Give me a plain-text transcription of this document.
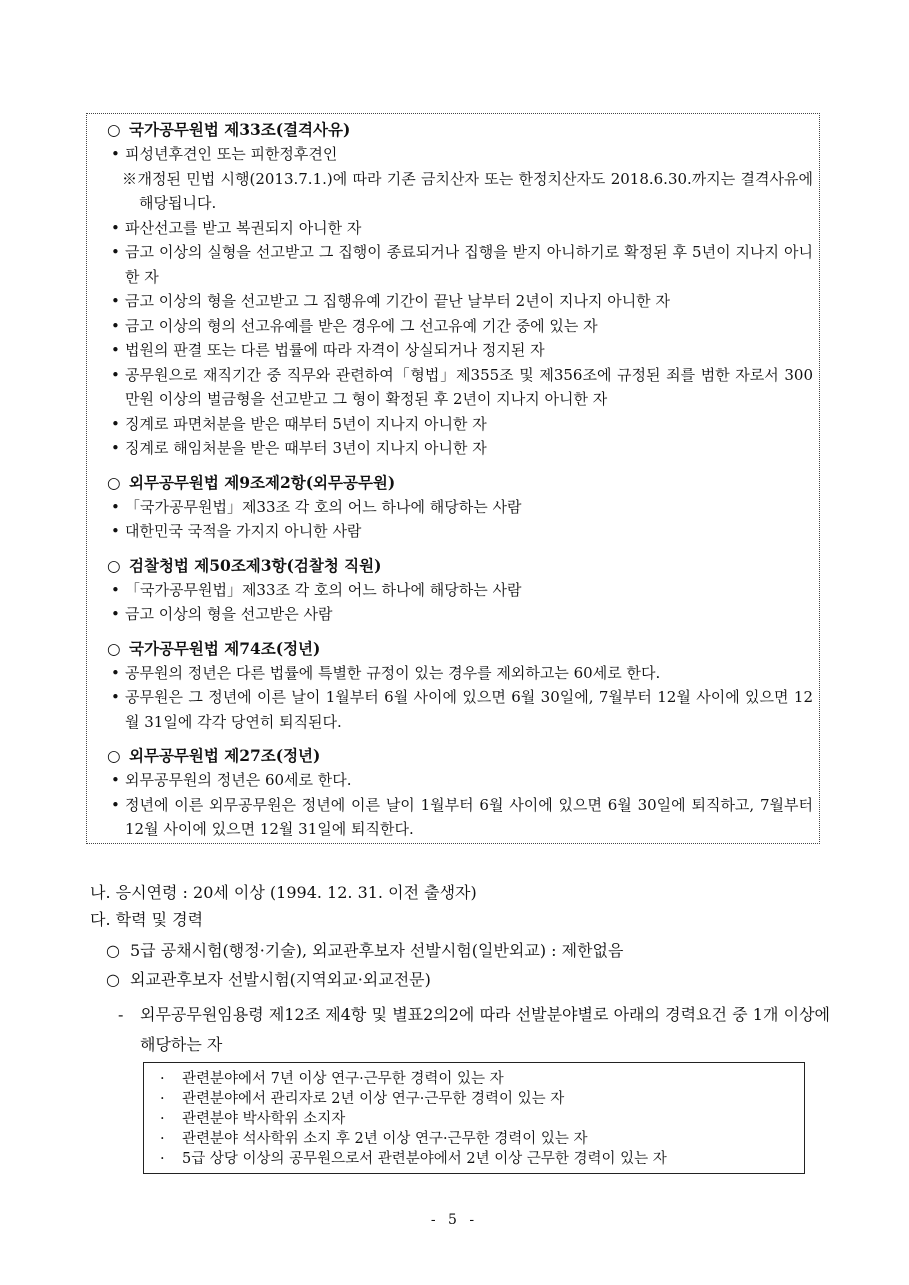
○ 국가공무원법 제33조(결격사유)
• 피성년후견인 또는 피한정후견인
※개정된 민법 시행(2013.7.1.)에 따라 기존 금치산자 또는 한정치산자도 2018.6.30.까지는 결격사유에 해당됩니다.
• 파산선고를 받고 복권되지 아니한 자
• 금고 이상의 실형을 선고받고 그 집행이 종료되거나 집행을 받지 아니하기로 확정된 후 5년이 지나지 아니한 자
• 금고 이상의 형을 선고받고 그 집행유예 기간이 끝난 날부터 2년이 지나지 아니한 자
• 금고 이상의 형의 선고유예를 받은 경우에 그 선고유예 기간 중에 있는 자
• 법원의 판결 또는 다른 법률에 따라 자격이 상실되거나 정지된 자
• 공무원으로 재직기간 중 직무와 관련하여「형법」제355조 및 제356조에 규정된 죄를 범한 자로서 300만원 이상의 벌금형을 선고받고 그 형이 확정된 후 2년이 지나지 아니한 자
• 징계로 파면처분을 받은 때부터 5년이 지나지 아니한 자
• 징계로 해임처분을 받은 때부터 3년이 지나지 아니한 자
○ 외무공무원법 제9조제2항(외무공무원)
• 「국가공무원법」제33조 각 호의 어느 하나에 해당하는 사람
• 대한민국 국적을 가지지 아니한 사람
○ 검찰청법 제50조제3항(검찰청 직원)
• 「국가공무원법」제33조 각 호의 어느 하나에 해당하는 사람
• 금고 이상의 형을 선고받은 사람
○ 국가공무원법 제74조(정년)
• 공무원의 정년은 다른 법률에 특별한 규정이 있는 경우를 제외하고는 60세로 한다.
• 공무원은 그 정년에 이른 날이 1월부터 6월 사이에 있으면 6월 30일에, 7월부터 12월 사이에 있으면 12월 31일에 각각 당연히 퇴직된다.
○ 외무공무원법 제27조(정년)
• 외무공무원의 정년은 60세로 한다.
• 정년에 이른 외무공무원은 정년에 이른 날이 1월부터 6월 사이에 있으면 6월 30일에 퇴직하고, 7월부터 12월 사이에 있으면 12월 31일에 퇴직한다.
나. 응시연령 : 20세 이상 (1994. 12. 31. 이전 출생자)
다. 학력 및 경력
○ 5급 공채시험(행정·기술), 외교관후보자 선발시험(일반외교) : 제한없음
○ 외교관후보자 선발시험(지역외교·외교전문)
-	외무공무원임용령 제12조 제4항 및 별표2의2에 따라 선발분야별로 아래의 경력요건 중 1개 이상에 해당하는 자
· 관련분야에서 7년 이상 연구·근무한 경력이 있는 자
· 관련분야에서 관리자로 2년 이상 연구·근무한 경력이 있는 자
· 관련분야 박사학위 소지자
· 관련분야 석사학위 소지 후 2년 이상 연구·근무한 경력이 있는 자
· 5급 상당 이상의 공무원으로서 관련분야에서 2년 이상 근무한 경력이 있는 자
- 5 -
